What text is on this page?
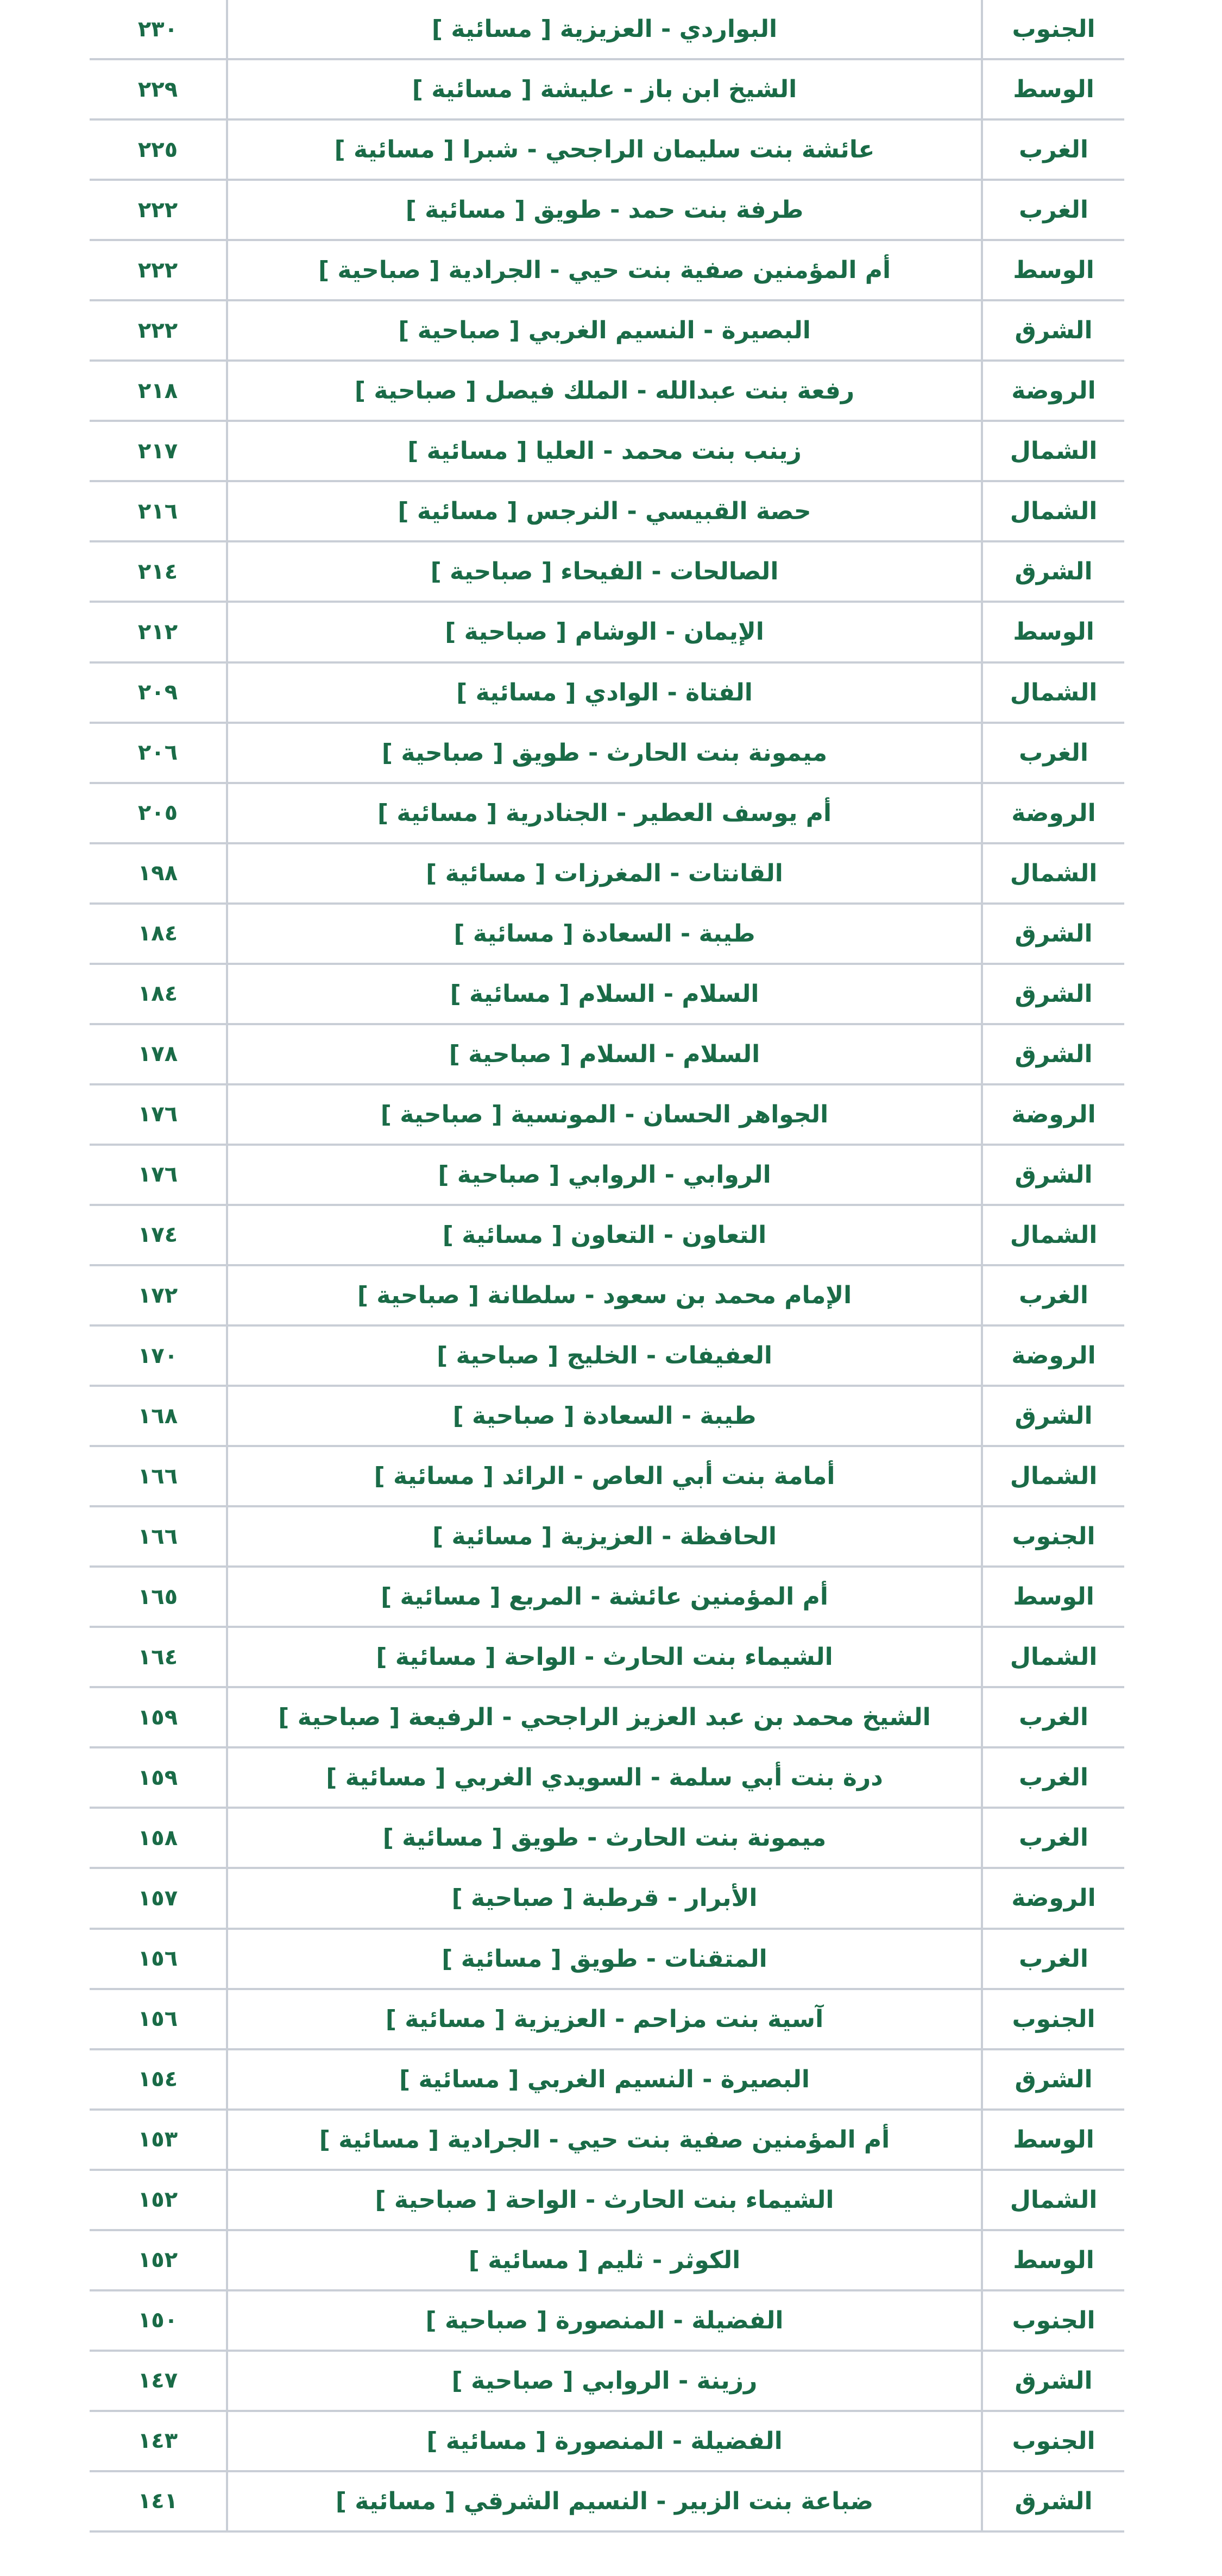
٢٣٠	البواردي - العزيزية [ مسائية ]	الجنوب
٢٢٩	الشيخ ابن باز - عليشة [ مسائية ]	الوسط
٢٢٥	عائشة بنت سليمان الراجحي - شبرا [ مسائية ]	الغرب
٢٢٢	طرفة بنت حمد - طويق [ مسائية ]	الغرب
٢٢٢	أم المؤمنين صفية بنت حيي - الجرادية [ صباحية ]	الوسط
٢٢٢	البصيرة - النسيم الغربي [ صباحية ]	الشرق
٢١٨	رفعة بنت عبدالله - الملك فيصل [ صباحية ]	الروضة
٢١٧	زينب بنت محمد - العليا [ مسائية ]	الشمال
٢١٦	حصة القبيسي - النرجس [ مسائية ]	الشمال
٢١٤	الصالحات - الفيحاء [ صباحية ]	الشرق
٢١٢	الإيمان - الوشام [ صباحية ]	الوسط
٢٠٩	الفتاة - الوادي [ مسائية ]	الشمال
٢٠٦	ميمونة بنت الحارث - طويق [ صباحية ]	الغرب
٢٠٥	أم يوسف العطير - الجنادرية [ مسائية ]	الروضة
١٩٨	القانتات - المغرزات [ مسائية ]	الشمال
١٨٤	طيبة - السعادة [ مسائية ]	الشرق
١٨٤	السلام - السلام [ مسائية ]	الشرق
١٧٨	السلام - السلام [ صباحية ]	الشرق
١٧٦	الجواهر الحسان - المونسية [ صباحية ]	الروضة
١٧٦	الروابي - الروابي [ صباحية ]	الشرق
١٧٤	التعاون - التعاون [ مسائية ]	الشمال
١٧٢	الإمام محمد بن سعود - سلطانة [ صباحية ]	الغرب
١٧٠	العفيفات - الخليج [ صباحية ]	الروضة
١٦٨	طيبة - السعادة [ صباحية ]	الشرق
١٦٦	أمامة بنت أبي العاص - الرائد [ مسائية ]	الشمال
١٦٦	الحافظة - العزيزية [ مسائية ]	الجنوب
١٦٥	أم المؤمنين عائشة - المربع [ مسائية ]	الوسط
١٦٤	الشيماء بنت الحارث - الواحة [ مسائية ]	الشمال
١٥٩	الشيخ محمد بن عبد العزيز الراجحي - الرفيعة [ صباحية ]	الغرب
١٥٩	درة بنت أبي سلمة - السويدي الغربي [ مسائية ]	الغرب
١٥٨	ميمونة بنت الحارث - طويق [ مسائية ]	الغرب
١٥٧	الأبرار - قرطبة [ صباحية ]	الروضة
١٥٦	المتقنات - طويق [ مسائية ]	الغرب
١٥٦	آسية بنت مزاحم - العزيزية [ مسائية ]	الجنوب
١٥٤	البصيرة - النسيم الغربي [ مسائية ]	الشرق
١٥٣	أم المؤمنين صفية بنت حيي - الجرادية [ مسائية ]	الوسط
١٥٢	الشيماء بنت الحارث - الواحة [ صباحية ]	الشمال
١٥٢	الكوثر - ثليم [ مسائية ]	الوسط
١٥٠	الفضيلة - المنصورة [ صباحية ]	الجنوب
١٤٧	رزينة - الروابي [ صباحية ]	الشرق
١٤٣	الفضيلة - المنصورة [ مسائية ]	الجنوب
١٤١	ضباعة بنت الزبير - النسيم الشرقي [ مسائية ]	الشرق
